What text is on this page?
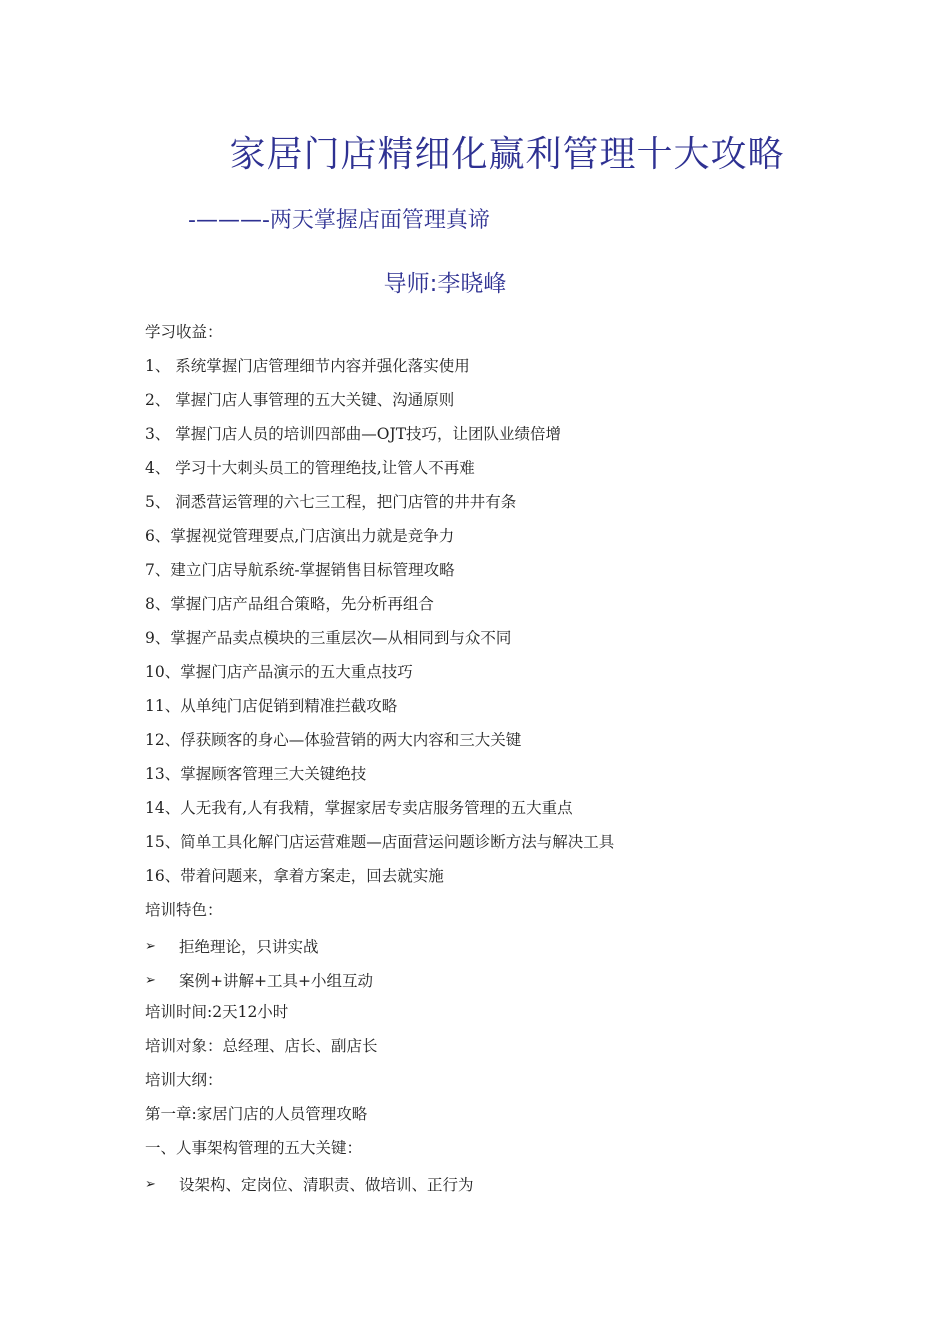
家居门店精细化赢利管理十大攻略
-———-两天掌握店面管理真谛
导师:李晓峰
学习收益：
1、 系统掌握门店管理细节内容并强化落实使用
2、 掌握门店人事管理的五大关键、沟通原则
3、 掌握门店人员的培训四部曲—OJT技巧，让团队业绩倍增
4、 学习十大刺头员工的管理绝技,让管人不再难
5、 洞悉营运管理的六七三工程，把门店管的井井有条
6、掌握视觉管理要点,门店演出力就是竞争力
7、建立门店导航系统-掌握销售目标管理攻略
8、掌握门店产品组合策略，先分析再组合
9、掌握产品卖点模块的三重层次—从相同到与众不同
10、掌握门店产品演示的五大重点技巧
11、从单纯门店促销到精准拦截攻略
12、俘获顾客的身心—体验营销的两大内容和三大关键
13、掌握顾客管理三大关键绝技
14、人无我有,人有我精，掌握家居专卖店服务管理的五大重点
15、简单工具化解门店运营难题—店面营运问题诊断方法与解决工具
16、带着问题来，拿着方案走，回去就实施
培训特色：
➢	拒绝理论，只讲实战
➢	案例+讲解+工具+小组互动
培训时间:2天12小时
培训对象：总经理、店长、副店长
培训大纲：
第一章:家居门店的人员管理攻略
一、人事架构管理的五大关键：
➢	设架构、定岗位、清职责、做培训、正行为
